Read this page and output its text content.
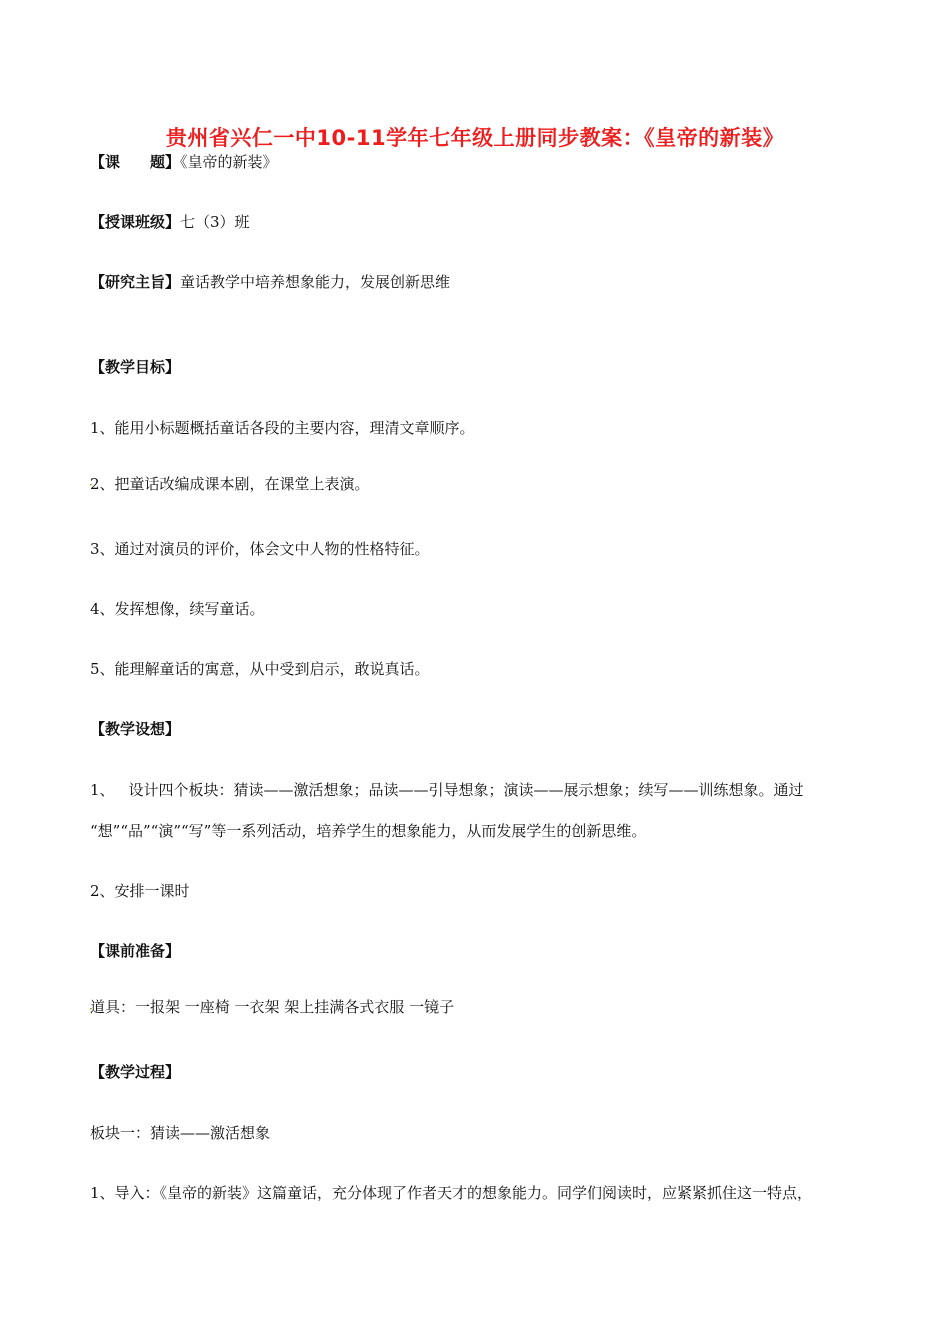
贵州省兴仁一中10-11学年七年级上册同步教案：《皇帝的新装》
【课 题】《皇帝的新装》
【授课班级】七（3）班
【研究主旨】童话教学中培养想象能力，发展创新思维
【教学目标】
1、能用小标题概括童话各段的主要内容，理清文章顺序。
·
2、把童话改编成课本剧，在课堂上表演。
3、通过对演员的评价，体会文中人物的性格特征。
4、发挥想像，续写童话。
5、能理解童话的寓意，从中受到启示，敢说真话。
【教学设想】
1、 设计四个板块：猜读——激活想象；品读——引导想象；演读——展示想象；续写——训练想象。通过
“想”“品”“演”“写”等一系列活动，培养学生的想象能力，从而发展学生的创新思维。
2、安排一课时
【课前准备】
·
道具：一报架 一座椅 一衣架 架上挂满各式衣服 一镜子
【教学过程】
板块一：猜读——激活想象
1、导入：《皇帝的新装》这篇童话，充分体现了作者天才的想象能力。同学们阅读时，应紧紧抓住这一特点，
